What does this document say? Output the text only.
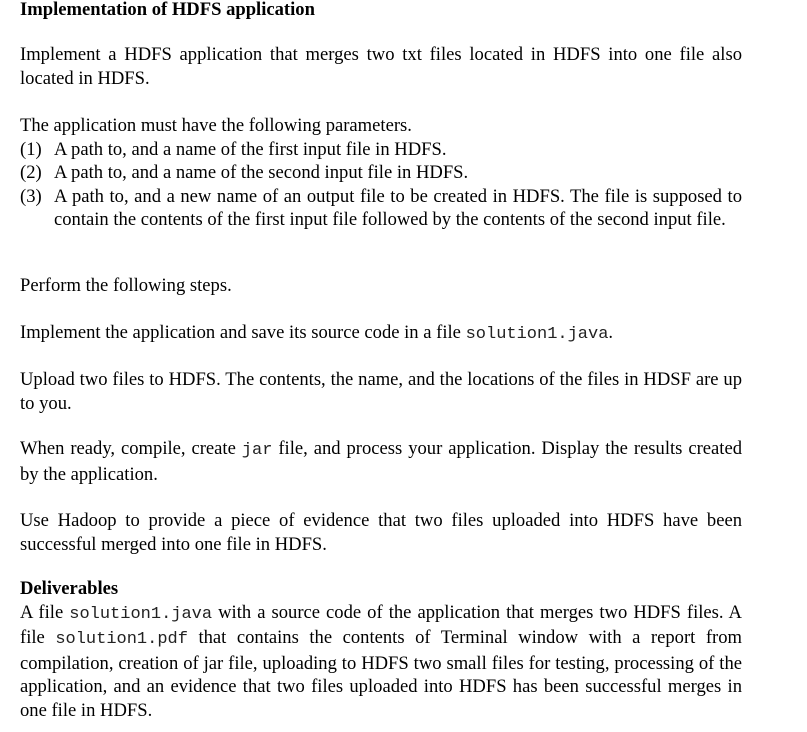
Implementation of HDFS application

Implement a HDFS application that merges two txt files located in HDFS into one file also located in HDFS.

The application must have the following parameters.
(1) A path to, and a name of the first input file in HDFS.
(2) A path to, and a name of the second input file in HDFS.
(3) A path to, and a new name of an output file to be created in HDFS. The file is supposed to contain the contents of the first input file followed by the contents of the second input file.

Perform the following steps.

Implement the application and save its source code in a file solution1.java.

Upload two files to HDFS. The contents, the name, and the locations of the files in HDSF are up to you.

When ready, compile, create jar file, and process your application. Display the results created by the application.

Use Hadoop to provide a piece of evidence that two files uploaded into HDFS have been successful merged into one file in HDFS.

Deliverables
A file solution1.java with a source code of the application that merges two HDFS files. A file solution1.pdf that contains the contents of Terminal window with a report from compilation, creation of jar file, uploading to HDFS two small files for testing, processing of the application, and an evidence that two files uploaded into HDFS has been successful merges in one file in HDFS.
